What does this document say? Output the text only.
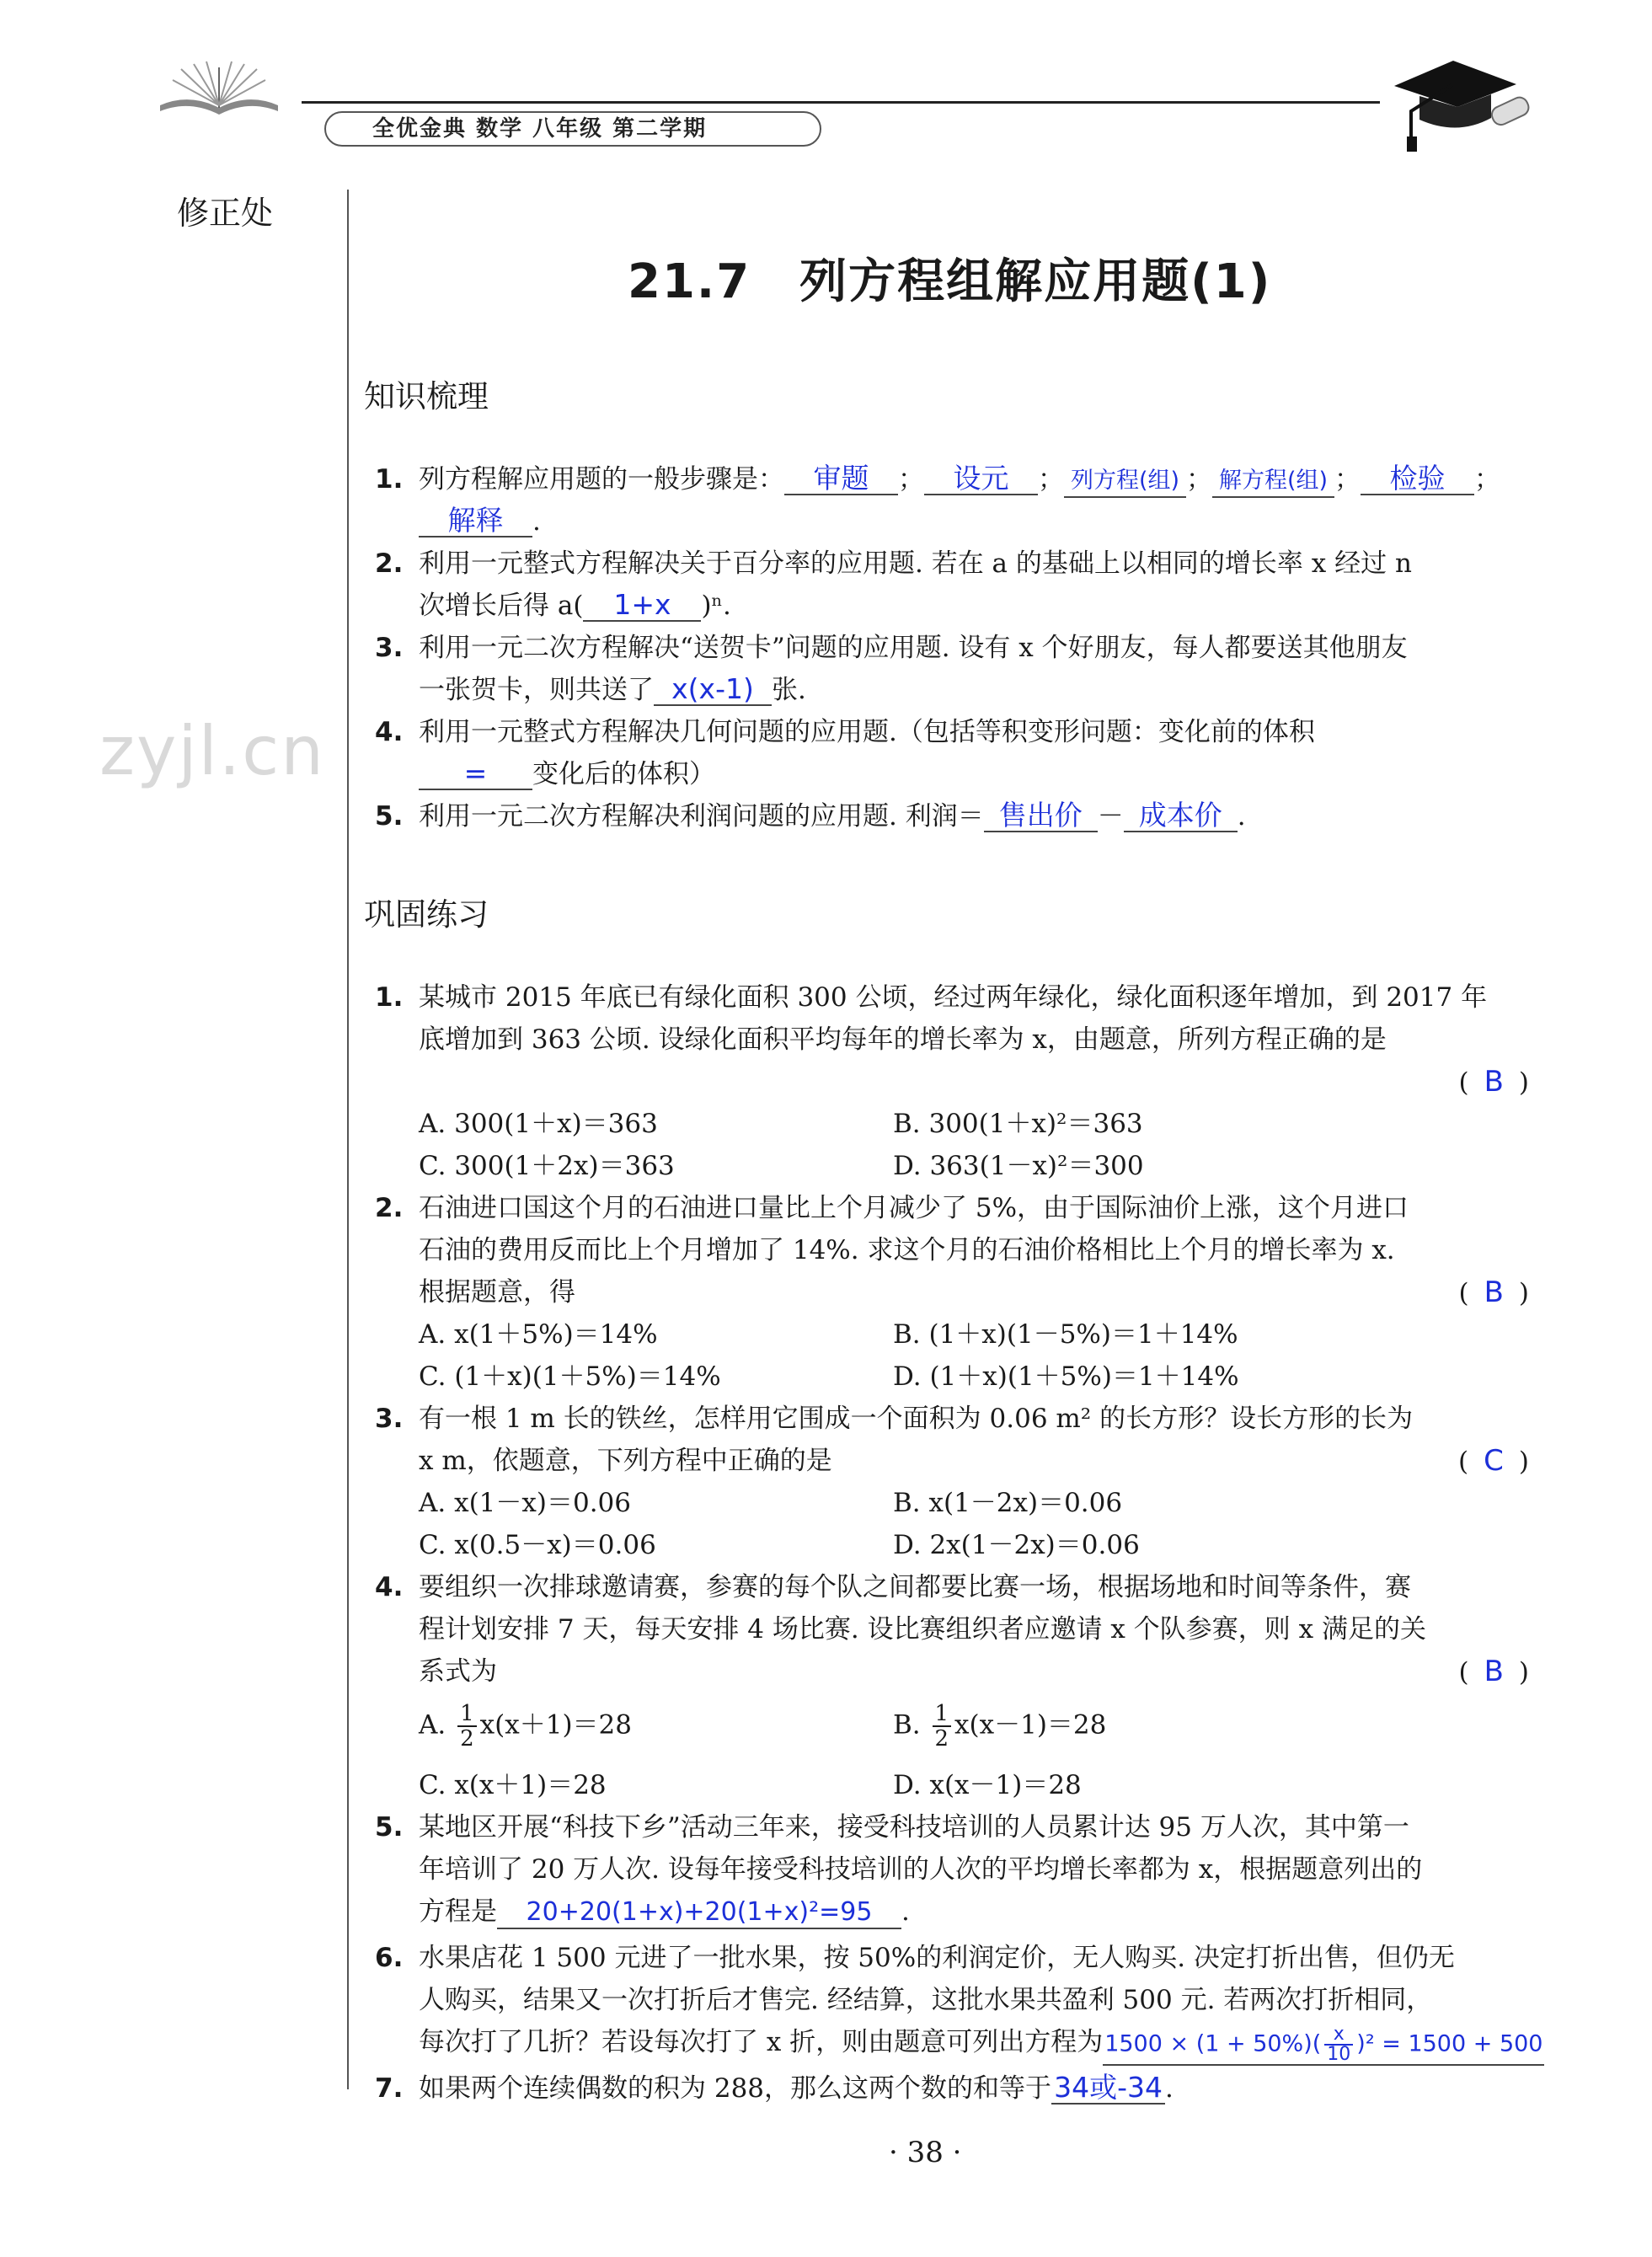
全优金典 数学 八年级 第二学期
修正处
zyjl.cn
21.7　列方程组解应用题(1)
知识梳理
1. 列方程解应用题的一般步骤是： 审题 ； 设元 ； 列方程(组) ； 解方程(组) ； 检验 ；
解释 .
2. 利用一元整式方程解决关于百分率的应用题. 若在 a 的基础上以相同的增长率 x 经过 n
次增长后得 a( 1+x )ⁿ.
3. 利用一元二次方程解决“送贺卡”问题的应用题. 设有 x 个好朋友，每人都要送其他朋友
一张贺卡，则共送了 x(x-1) 张.
4. 利用一元整式方程解决几何问题的应用题.（包括等积变形问题：变化前的体积
= 变化后的体积）
5. 利用一元二次方程解决利润问题的应用题. 利润＝ 售出价 － 成本价 .
巩固练习
1. 某城市 2015 年底已有绿化面积 300 公顷，经过两年绿化，绿化面积逐年增加，到 2017 年
底增加到 363 公顷. 设绿化面积平均每年的增长率为 x，由题意，所列方程正确的是
( B )
A. 300(1＋x)＝363	B. 300(1＋x)²＝363
C. 300(1＋2x)＝363	D. 363(1－x)²＝300
2. 石油进口国这个月的石油进口量比上个月减少了 5%，由于国际油价上涨，这个月进口
石油的费用反而比上个月增加了 14%. 求这个月的石油价格相比上个月的增长率为 x.
根据题意，得	( B )
A. x(1＋5%)＝14%	B. (1＋x)(1－5%)＝1＋14%
C. (1＋x)(1＋5%)＝14%	D. (1＋x)(1＋5%)＝1＋14%
3. 有一根 1 m 长的铁丝，怎样用它围成一个面积为 0.06 m² 的长方形？设长方形的长为
x m，依题意，下列方程中正确的是	( C )
A. x(1－x)＝0.06	B. x(1－2x)＝0.06
C. x(0.5－x)＝0.06	D. 2x(1－2x)＝0.06
4. 要组织一次排球邀请赛，参赛的每个队之间都要比赛一场，根据场地和时间等条件，赛
程计划安排 7 天，每天安排 4 场比赛. 设比赛组织者应邀请 x 个队参赛，则 x 满足的关
系式为	( B )
A. $\frac{1}{2} x(x+1)=28$	B. $\frac{1}{2} x(x-1)=28$
C. x(x＋1)＝28	D. x(x－1)＝28
5. 某地区开展“科技下乡”活动三年来，接受科技培训的人员累计达 95 万人次，其中第一
年培训了 20 万人次. 设每年接受科技培训的人次的平均增长率都为 x，根据题意列出的
方程是 20+20(1+x)+20(1+x)²=95 .
6. 水果店花 1 500 元进了一批水果，按 50%的利润定价，无人购买. 决定打折出售，但仍无
人购买，结果又一次打折后才售完. 经结算，这批水果共盈利 500 元. 若两次打折相同，
每次打了几折？若设每次打了 x 折，则由题意可列出方程为$1500 \times (1 + 50\%)( \frac{x}{10} )^2 = 1500 + 500$
7. 如果两个连续偶数的积为 288，那么这两个数的和等于34或-34.
· 38 ·
